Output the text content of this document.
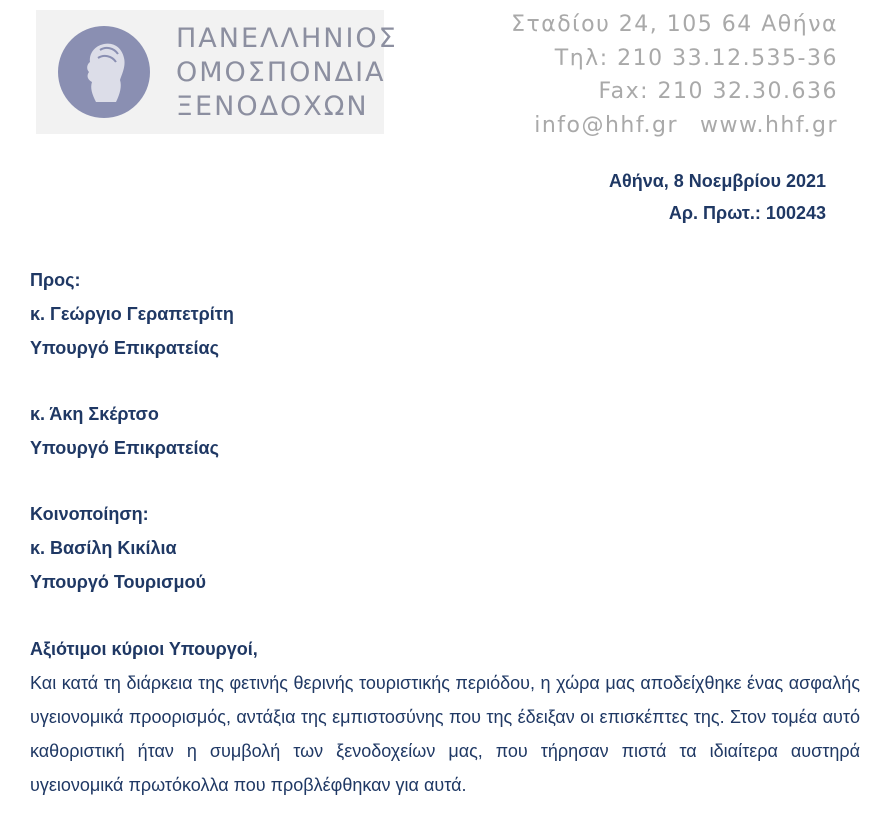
ΠΑΝΕΛΛΗΝΙΟΣ
ΟΜΟΣΠΟΝΔΙΑ
ΞΕΝΟΔΟΧΩΝ
Σταδίου 24, 105 64 Αθήνα
Τηλ: 210 33.12.535-36
Fax: 210 32.30.636
info@hhf.gr www.hhf.gr
Αθήνα, 8 Νοεμβρίου 2021
Αρ. Πρωτ.: 100243
Προς:
κ. Γεώργιο Γεραπετρίτη
Υπουργό Επικρατείας
κ. Άκη Σκέρτσο
Υπουργό Επικρατείας
Κοινοποίηση:
κ. Βασίλη Κικίλια
Υπουργό Τουρισμού
Αξιότιμοι κύριοι Υπουργοί,
Και κατά τη διάρκεια της φετινής θερινής τουριστικής περιόδου, η χώρα μας αποδείχθηκε ένας ασφαλής υγειονομικά προορισμός, αντάξια της εμπιστοσύνης που της έδειξαν οι επισκέπτες της. Στον τομέα αυτό καθοριστική ήταν η συμβολή των ξενοδοχείων μας, που τήρησαν πιστά τα ιδιαίτερα αυστηρά υγειονομικά πρωτόκολλα που προβλέφθηκαν για αυτά.
